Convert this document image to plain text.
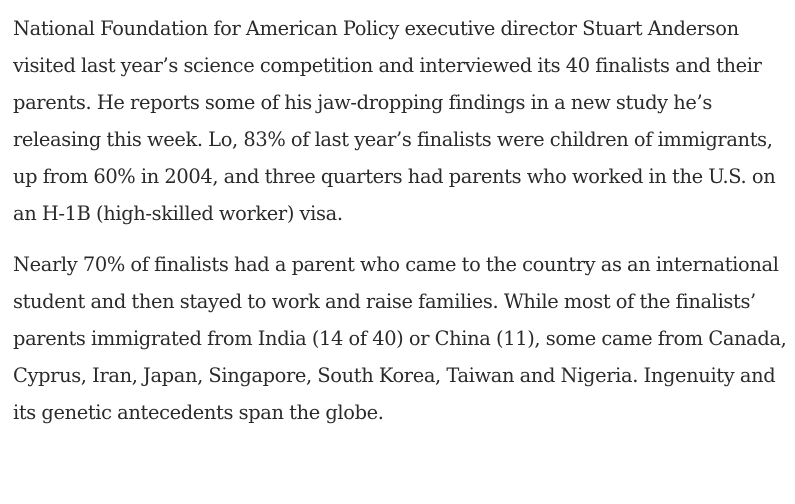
National Foundation for American Policy executive director Stuart Anderson visited last year’s science competition and interviewed its 40 finalists and their parents. He reports some of his jaw-dropping findings in a new study he’s releasing this week. Lo, 83% of last year’s finalists were children of immigrants, up from 60% in 2004, and three quarters had parents who worked in the U.S. on an H-1B (high-skilled worker) visa.

Nearly 70% of finalists had a parent who came to the country as an international student and then stayed to work and raise families. While most of the finalists’ parents immigrated from India (14 of 40) or China (11), some came from Canada, Cyprus, Iran, Japan, Singapore, South Korea, Taiwan and Nigeria. Ingenuity and its genetic antecedents span the globe.
